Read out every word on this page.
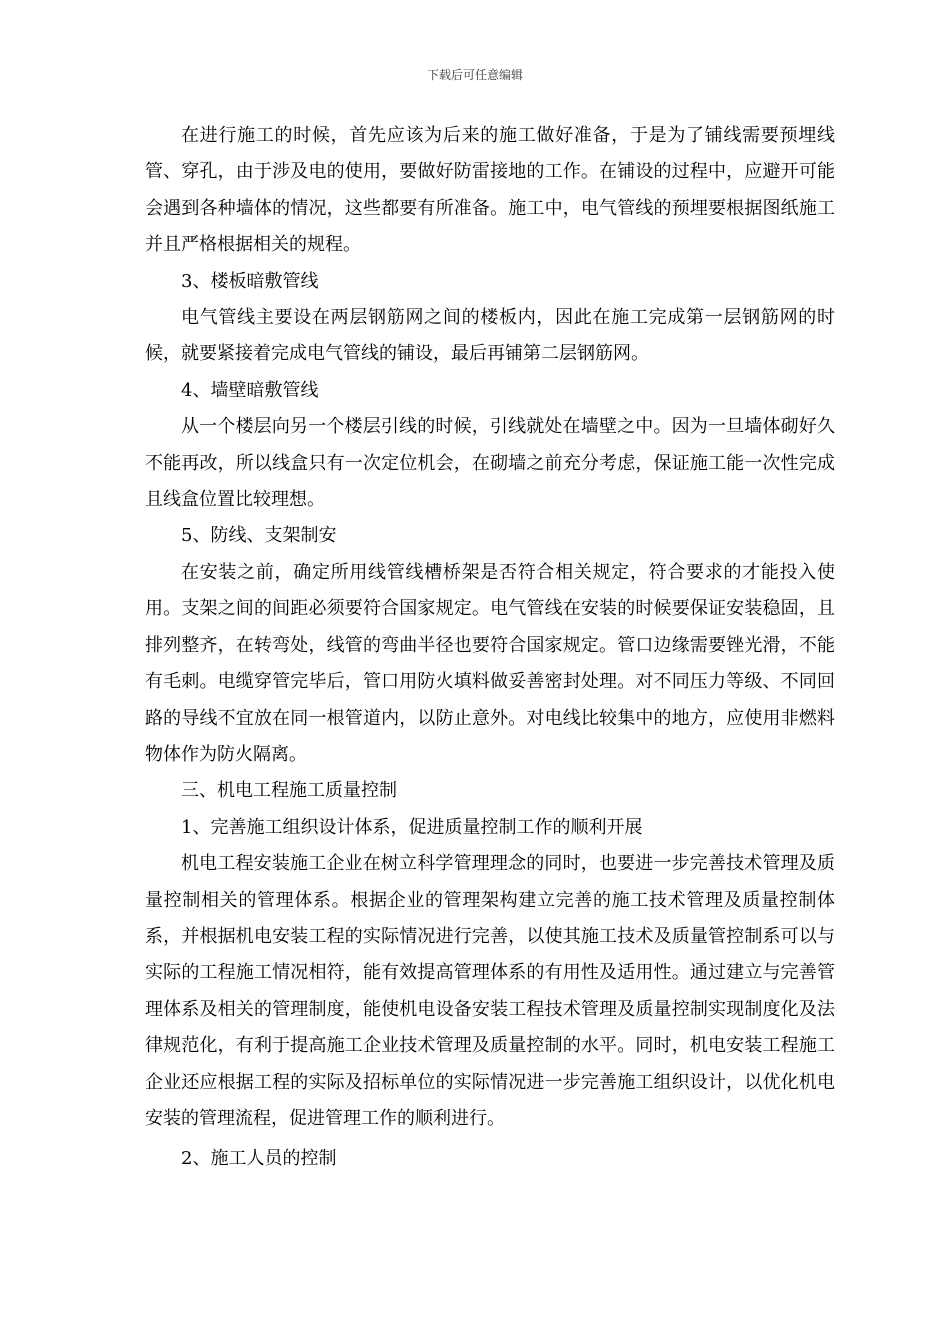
下载后可任意编辑

在进行施工的时候，首先应该为后来的施工做好准备，于是为了铺线需要预埋线管、穿孔，由于涉及电的使用，要做好防雷接地的工作。在铺设的过程中，应避开可能会遇到各种墙体的情况，这些都要有所准备。施工中，电气管线的预埋要根据图纸施工并且严格根据相关的规程。

3、楼板暗敷管线

电气管线主要设在两层钢筋网之间的楼板内，因此在施工完成第一层钢筋网的时候，就要紧接着完成电气管线的铺设，最后再铺第二层钢筋网。

4、墙壁暗敷管线

从一个楼层向另一个楼层引线的时候，引线就处在墙壁之中。因为一旦墙体砌好久不能再改，所以线盒只有一次定位机会，在砌墙之前充分考虑，保证施工能一次性完成且线盒位置比较理想。

5、防线、支架制安

在安装之前，确定所用线管线槽桥架是否符合相关规定，符合要求的才能投入使用。支架之间的间距必须要符合国家规定。电气管线在安装的时候要保证安装稳固，且排列整齐，在转弯处，线管的弯曲半径也要符合国家规定。管口边缘需要锉光滑，不能有毛刺。电缆穿管完毕后，管口用防火填料做妥善密封处理。对不同压力等级、不同回路的导线不宜放在同一根管道内，以防止意外。对电线比较集中的地方，应使用非燃料物体作为防火隔离。

三、机电工程施工质量控制

1、完善施工组织设计体系，促进质量控制工作的顺利开展

机电工程安装施工企业在树立科学管理理念的同时，也要进一步完善技术管理及质量控制相关的管理体系。根据企业的管理架构建立完善的施工技术管理及质量控制体系，并根据机电安装工程的实际情况进行完善，以使其施工技术及质量管控制系可以与实际的工程施工情况相符，能有效提高管理体系的有用性及适用性。通过建立与完善管理体系及相关的管理制度，能使机电设备安装工程技术管理及质量控制实现制度化及法律规范化，有利于提高施工企业技术管理及质量控制的水平。同时，机电安装工程施工企业还应根据工程的实际及招标单位的实际情况进一步完善施工组织设计，以优化机电安装的管理流程，促进管理工作的顺利进行。

2、施工人员的控制
